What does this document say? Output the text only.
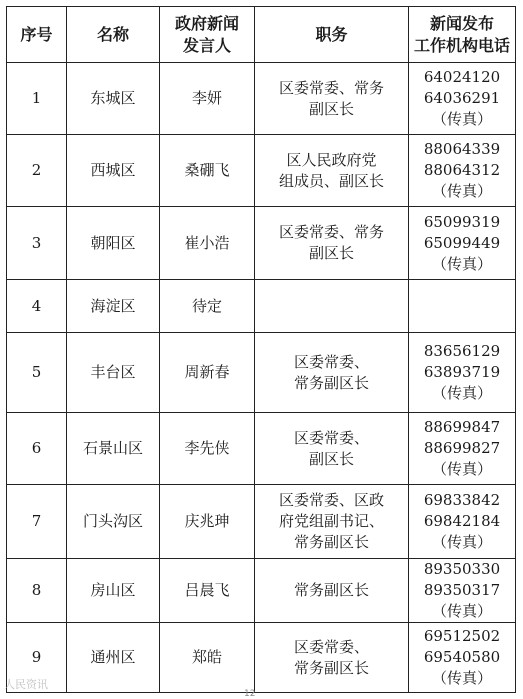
序号	名称	政府新闻
发言人	职务	新闻发布
工作机构电话

1	东城区	李妍	区委常委、常务
副区长	64024120
64036291
（传真）

2	西城区	桑硼飞	区人民政府党
组成员、副区长	88064339
88064312
（传真）

3	朝阳区	崔小浩	区委常委、常务
副区长	65099319
65099449
（传真）

4	海淀区	待定		
5	丰台区	周新春	区委常委、
常务副区长	83656129
63893719
（传真）

6	石景山区	李先侠	区委常委、
副区长	88699847
88699827
（传真）

7	门头沟区	庆兆珅	区委常委、区政
府党组副书记、
常务副区长	69833842
69842184
（传真）

8	房山区	吕晨飞	常务副区长	89350330
89350317
（传真）

9	通州区	郑皓	区委常委、
常务副区长	69512502
69540580
（传真）
人民资讯
12
